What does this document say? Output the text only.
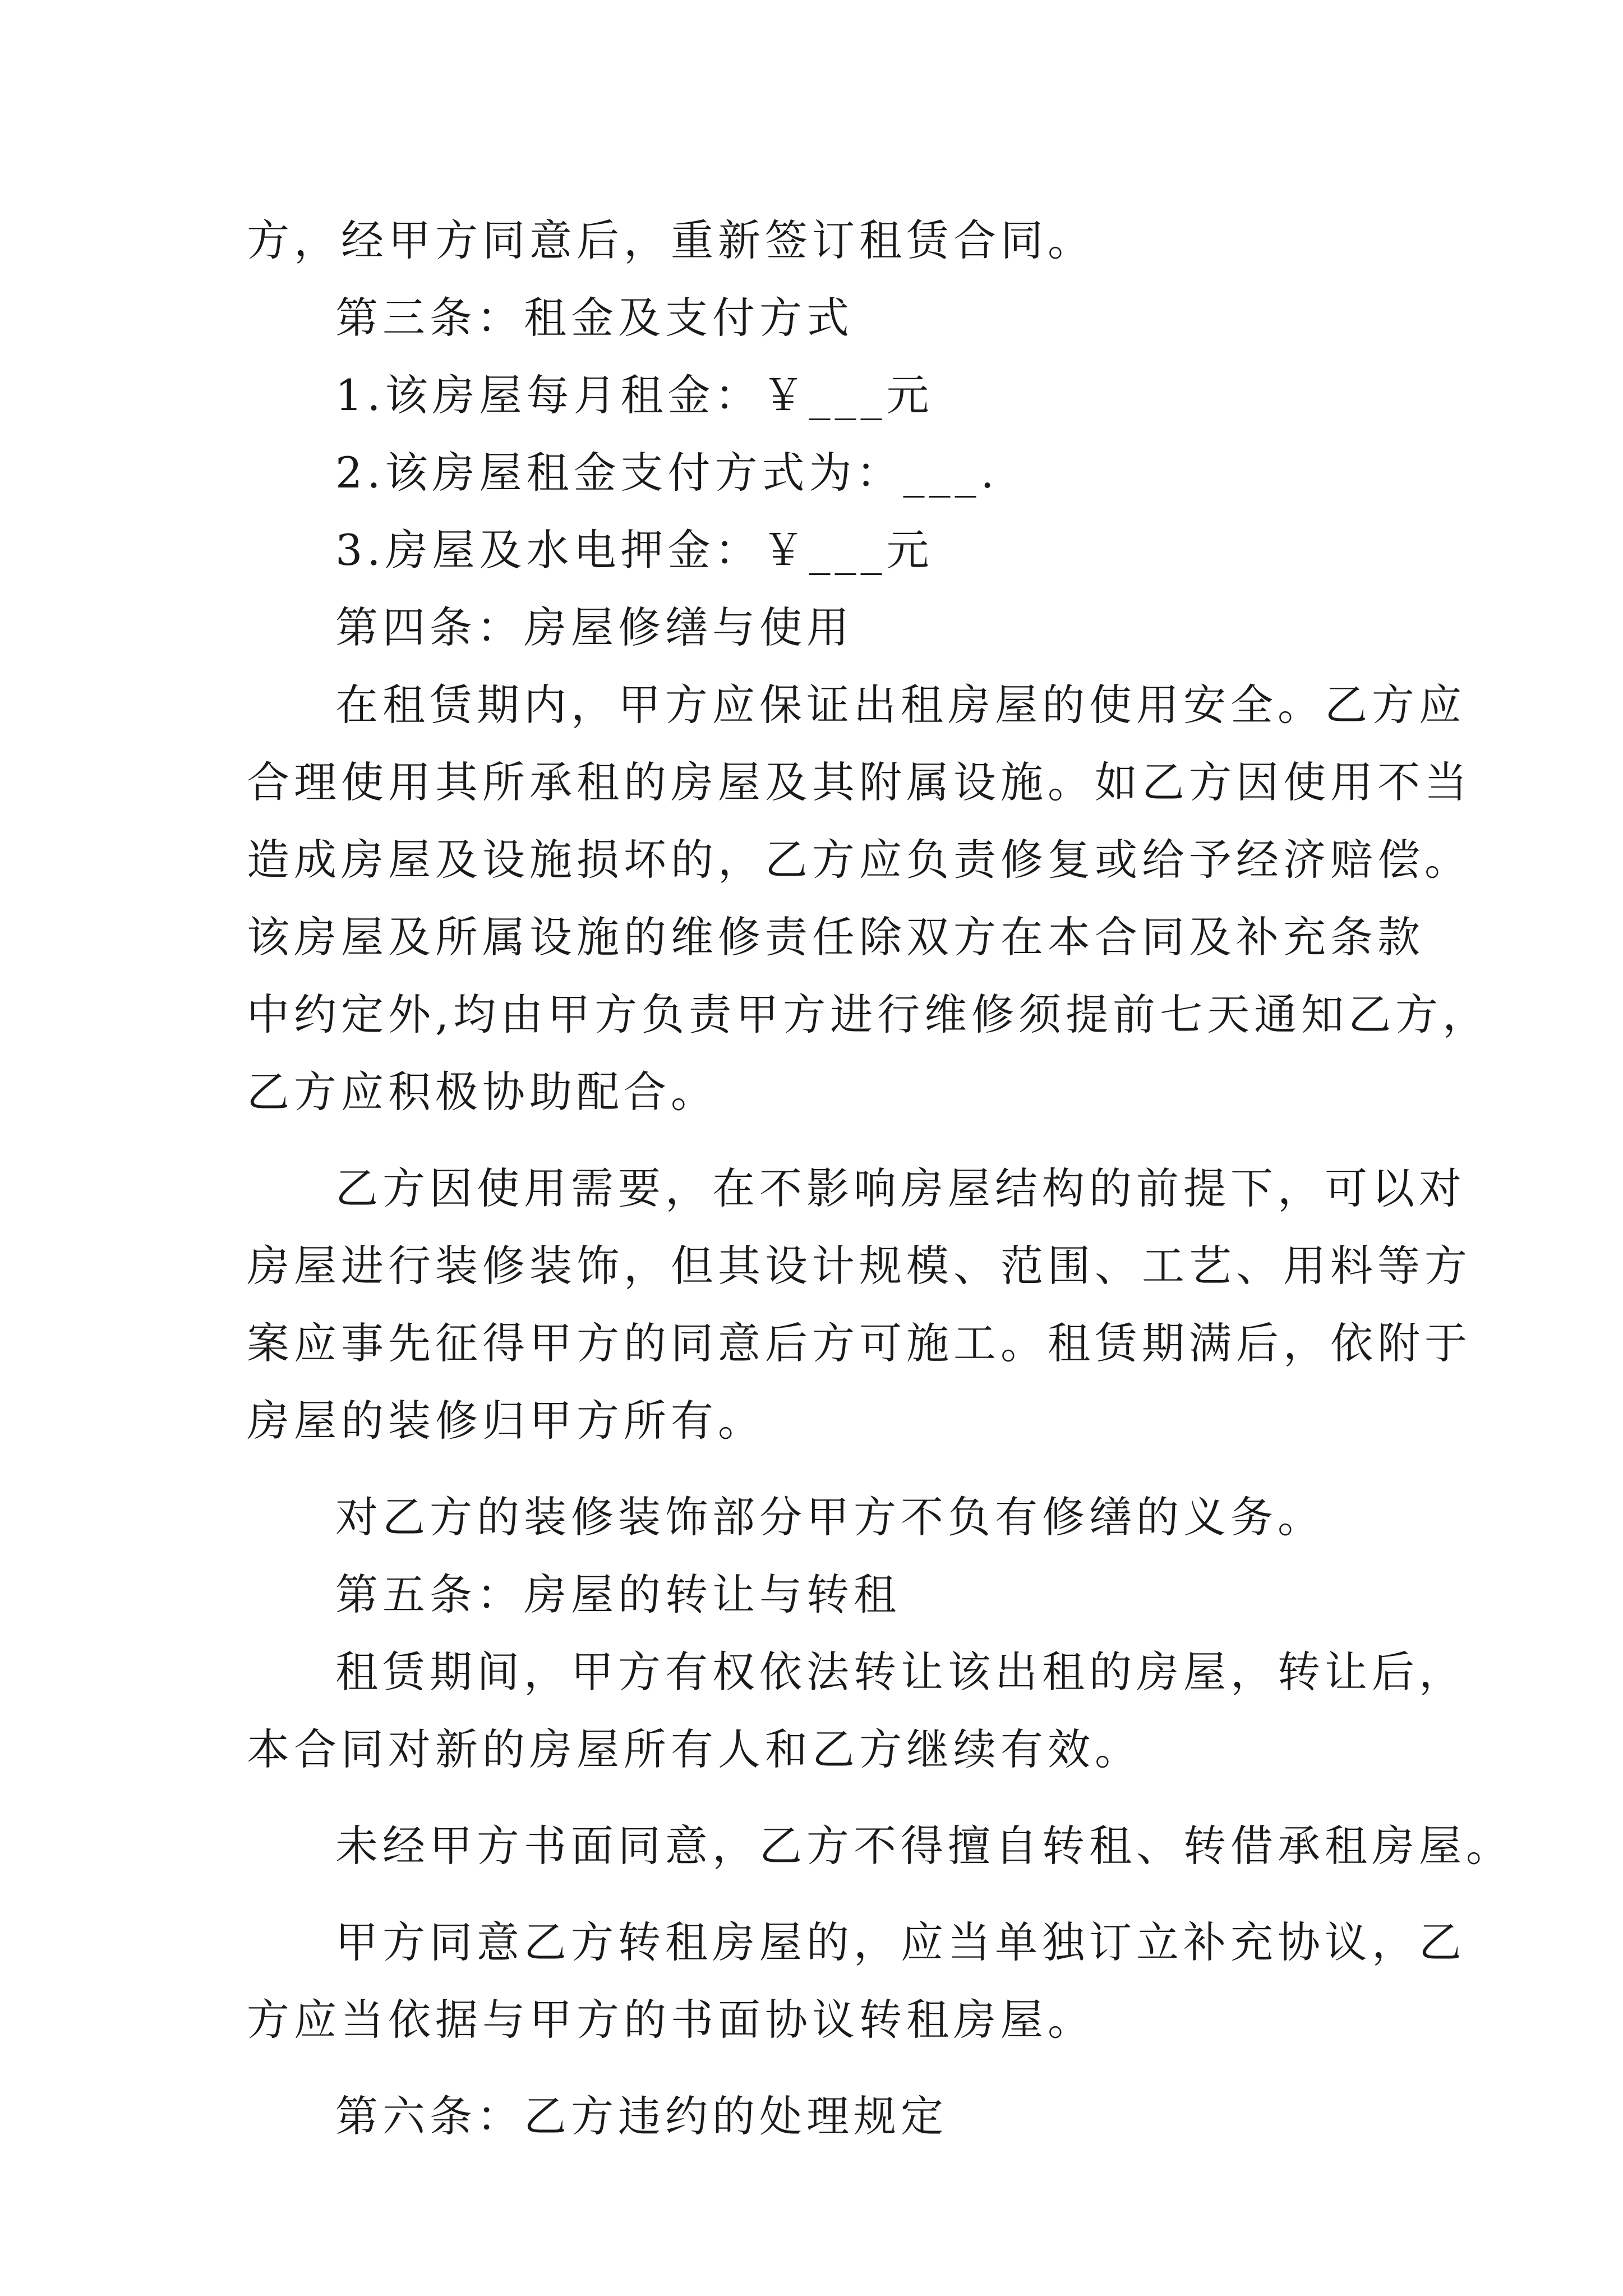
方，经甲方同意后，重新签订租赁合同。
第三条：租金及支付方式
1.该房屋每月租金：￥___元
2.该房屋租金支付方式为：___.
3.房屋及水电押金：￥___元
第四条：房屋修缮与使用
在租赁期内，甲方应保证出租房屋的使用安全。乙方应
合理使用其所承租的房屋及其附属设施。如乙方因使用不当
造成房屋及设施损坏的，乙方应负责修复或给予经济赔偿。
该房屋及所属设施的维修责任除双方在本合同及补充条款
中约定外,均由甲方负责甲方进行维修须提前七天通知乙方，
乙方应积极协助配合。
乙方因使用需要，在不影响房屋结构的前提下，可以对
房屋进行装修装饰，但其设计规模、范围、工艺、用料等方
案应事先征得甲方的同意后方可施工。租赁期满后，依附于
房屋的装修归甲方所有。
对乙方的装修装饰部分甲方不负有修缮的义务。
第五条：房屋的转让与转租
租赁期间，甲方有权依法转让该出租的房屋，转让后，
本合同对新的房屋所有人和乙方继续有效。
未经甲方书面同意，乙方不得擅自转租、转借承租房屋。
甲方同意乙方转租房屋的，应当单独订立补充协议，乙
方应当依据与甲方的书面协议转租房屋。
第六条：乙方违约的处理规定
